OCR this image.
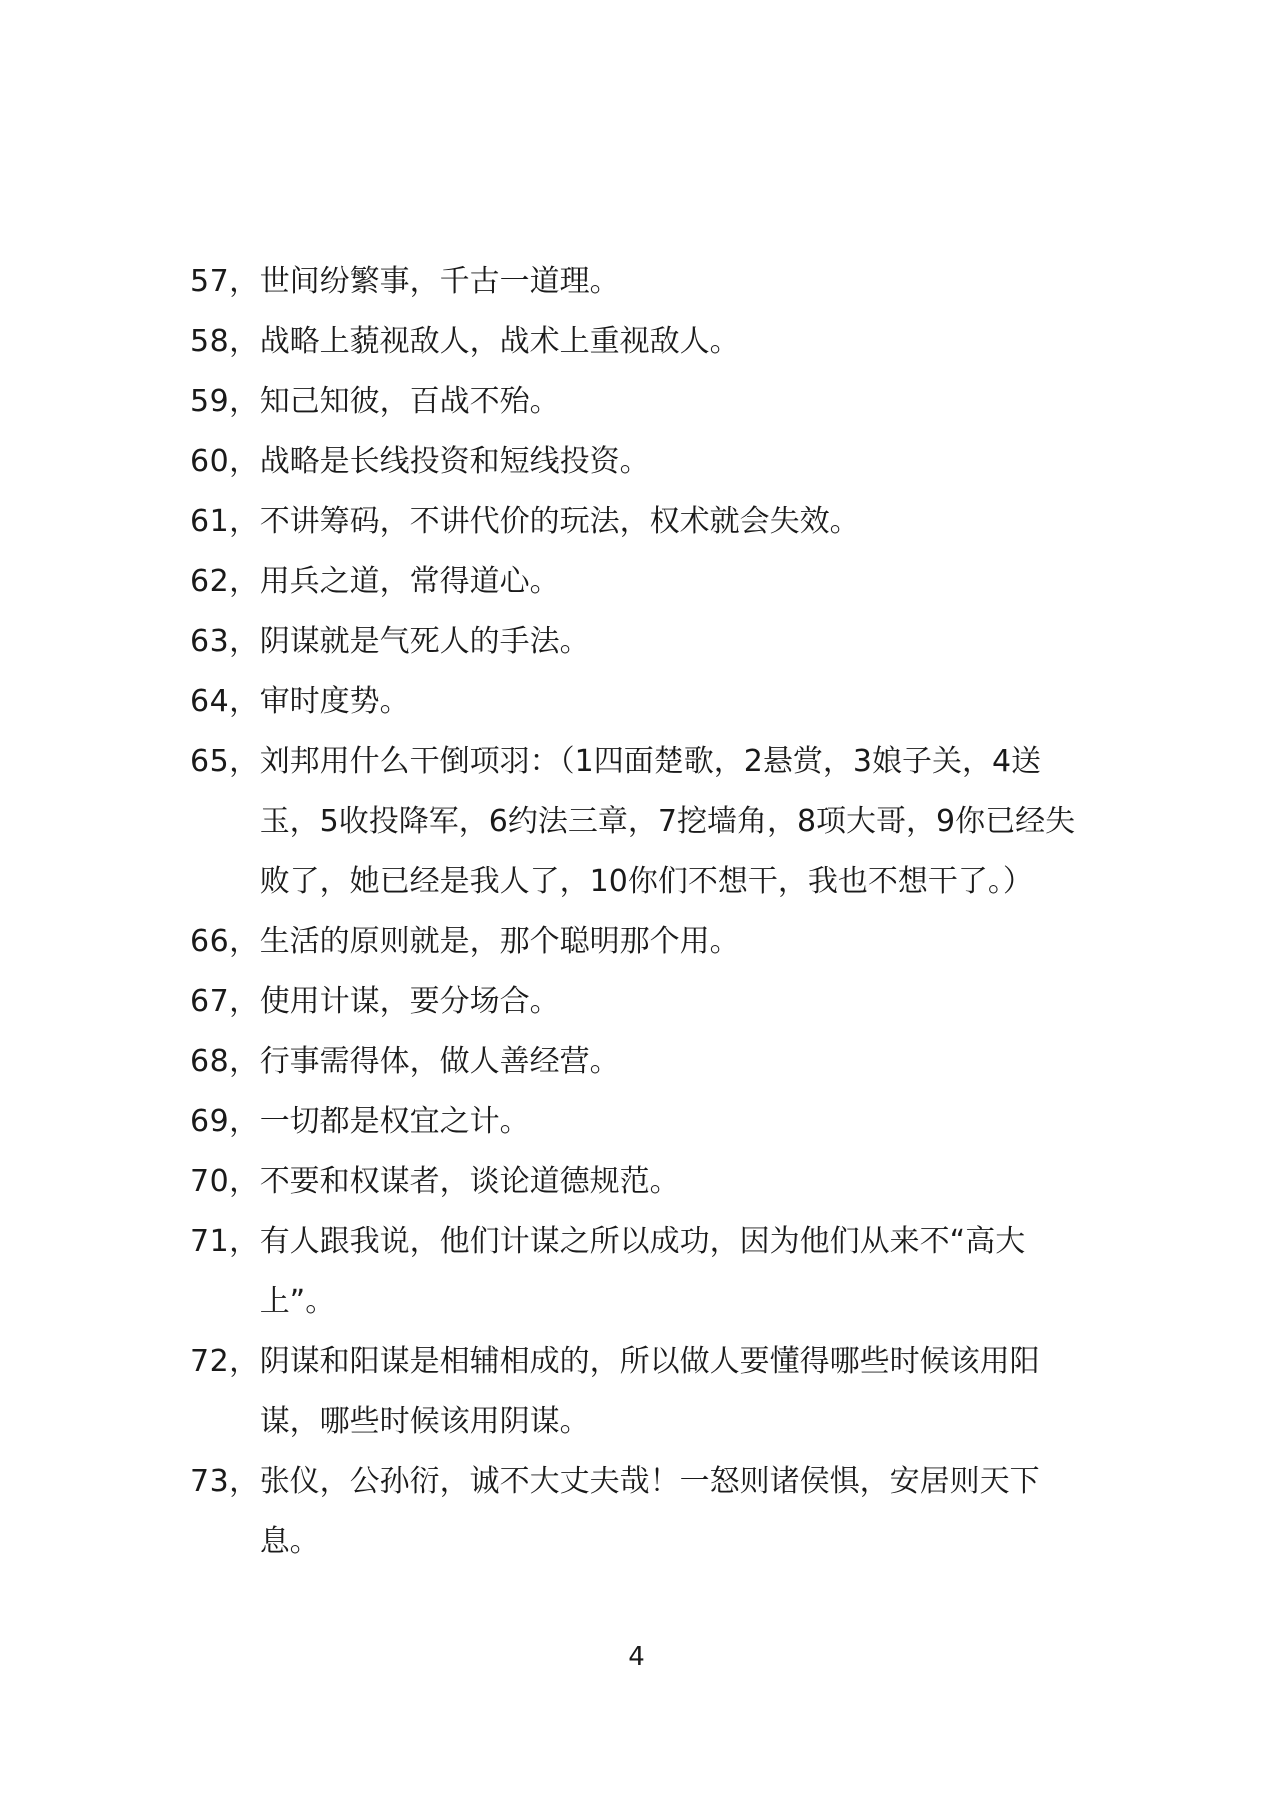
57， 世间纷繁事，千古一道理。
58， 战略上藐视敌人，战术上重视敌人。
59， 知己知彼，百战不殆。
60， 战略是长线投资和短线投资。
61， 不讲筹码，不讲代价的玩法，权术就会失效。
62， 用兵之道，常得道心。
63， 阴谋就是气死人的手法。
64， 审时度势。
65， 刘邦用什么干倒项羽：（1四面楚歌，2悬赏，3娘子关，4送玉，5收投降军，6约法三章，7挖墙角，8项大哥，9你已经失败了，她已经是我人了，10你们不想干，我也不想干了。）
66， 生活的原则就是，那个聪明那个用。
67， 使用计谋，要分场合。
68， 行事需得体，做人善经营。
69， 一切都是权宜之计。
70， 不要和权谋者，谈论道德规范。
71， 有人跟我说，他们计谋之所以成功，因为他们从来不“高大上”。
72， 阴谋和阳谋是相辅相成的，所以做人要懂得哪些时候该用阳谋，哪些时候该用阴谋。
73， 张仪，公孙衍，诚不大丈夫哉！一怒则诸侯惧，安居则天下息。
4
